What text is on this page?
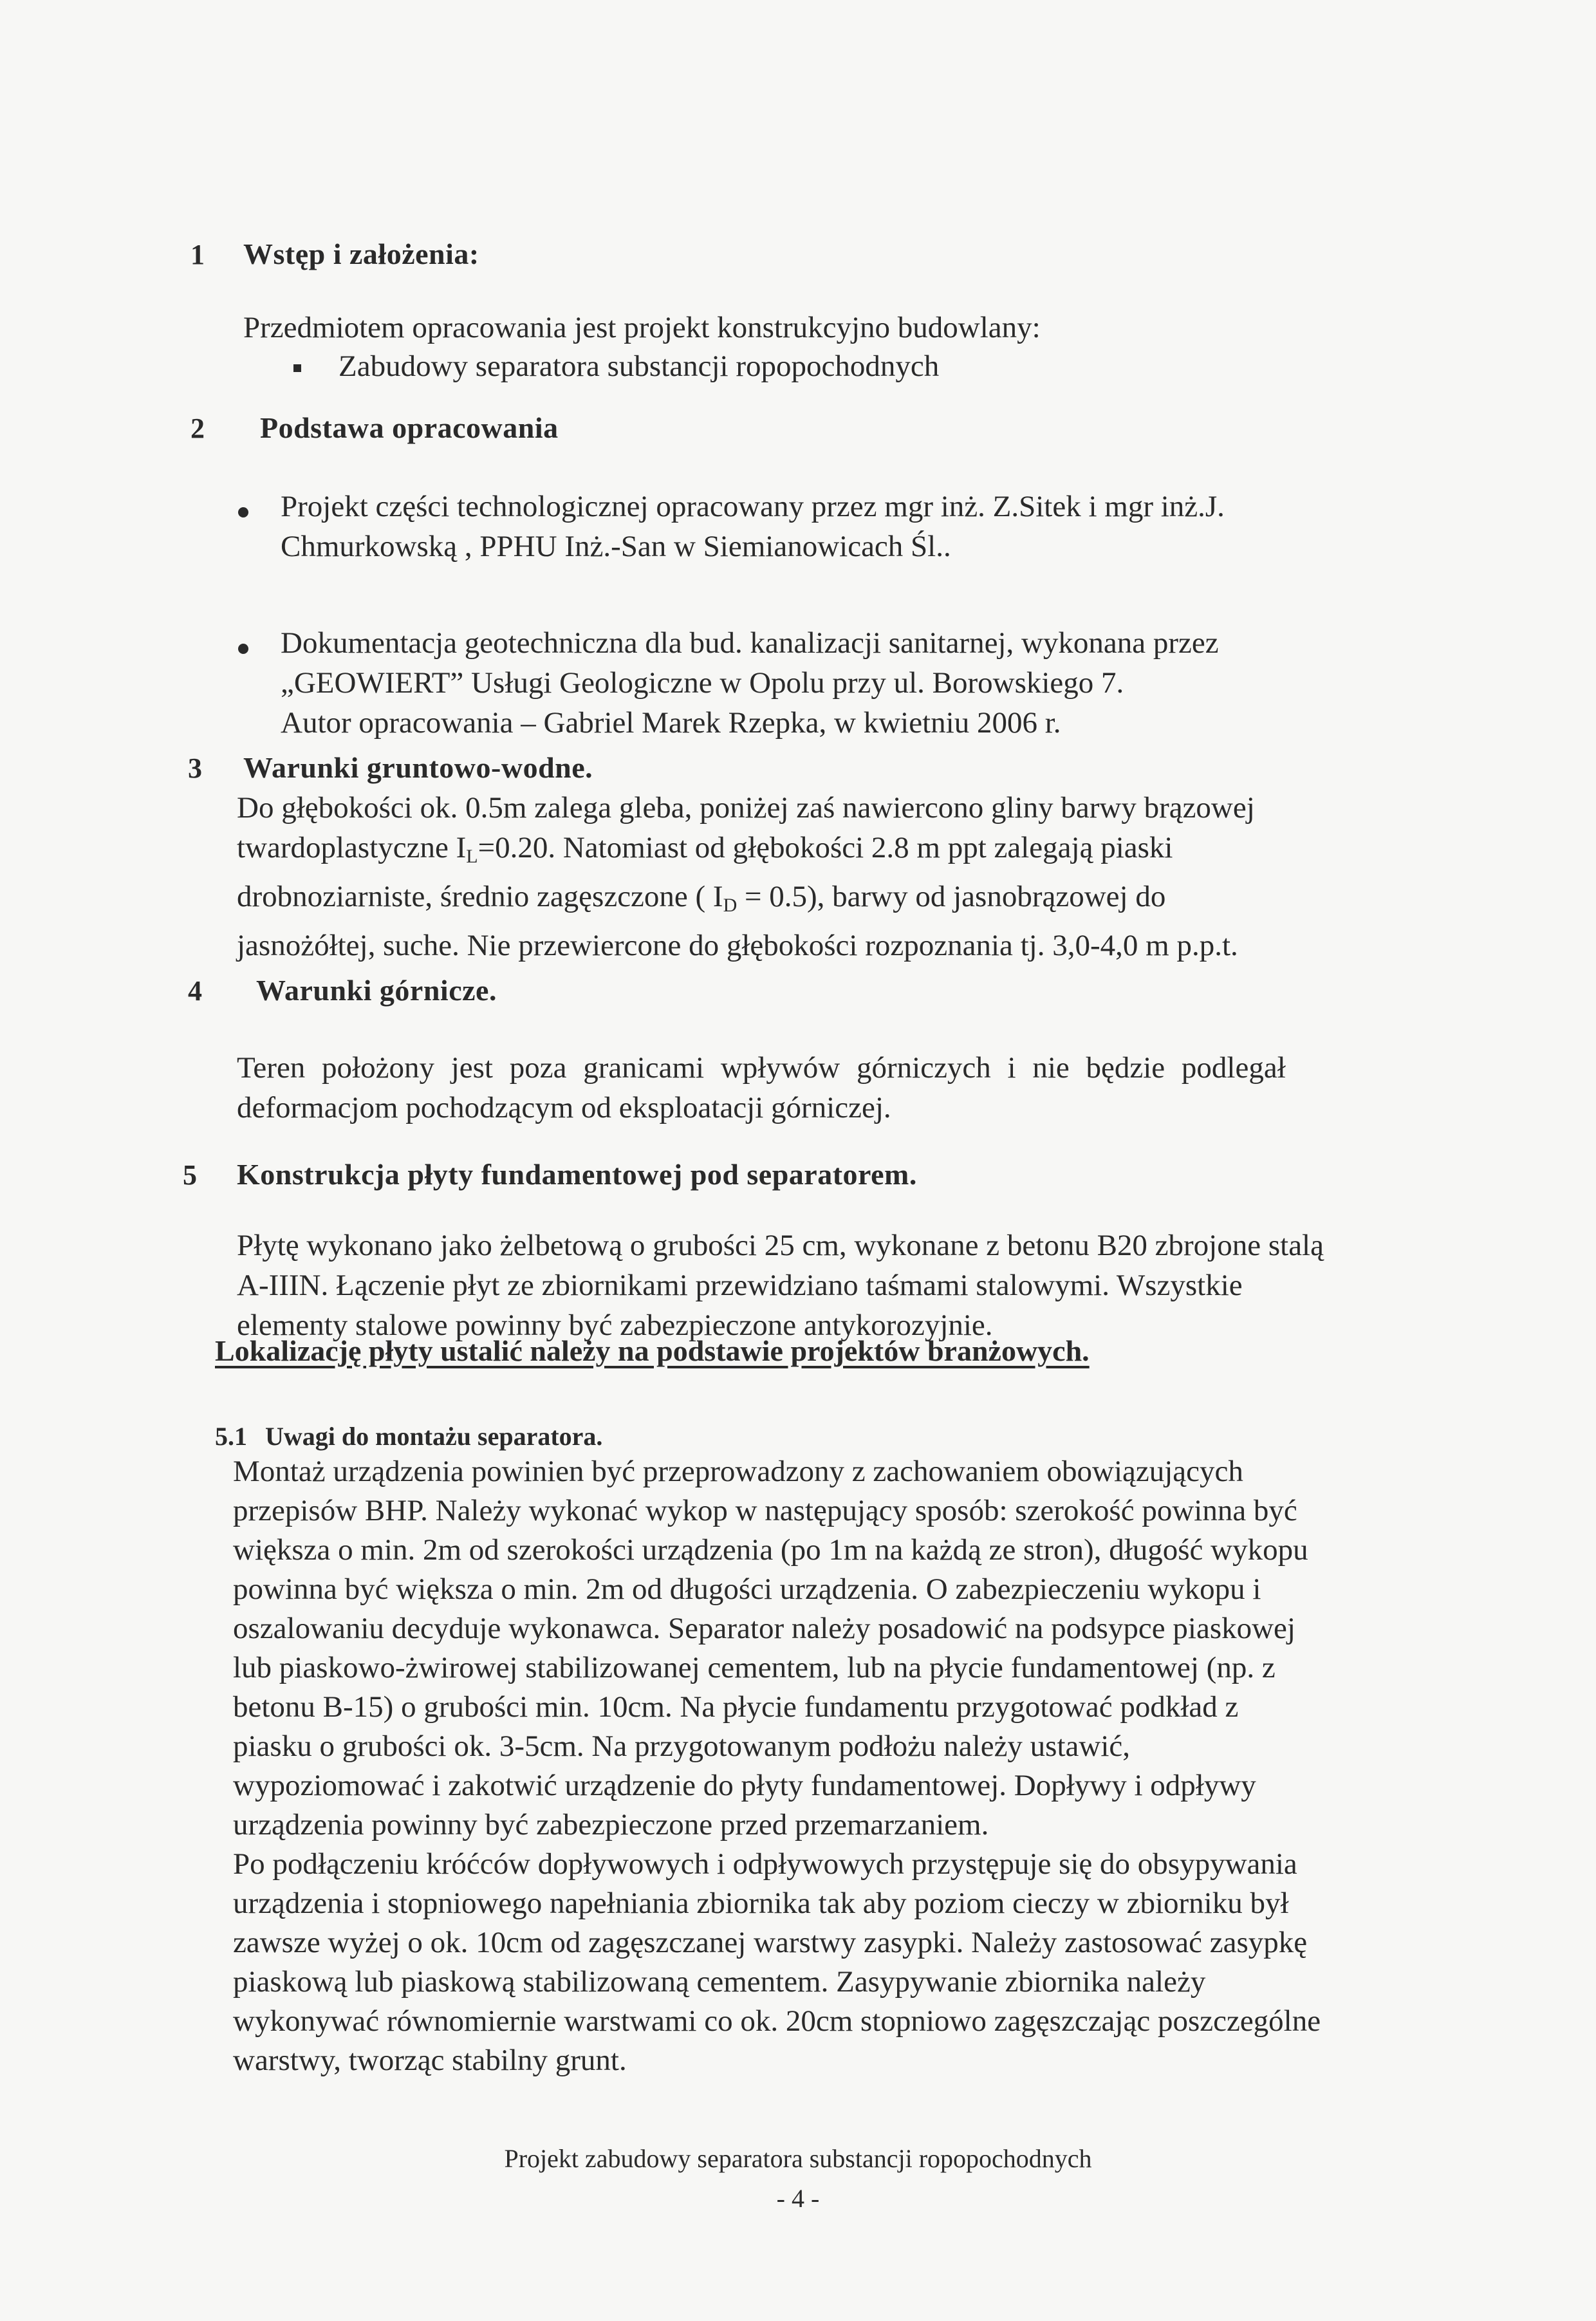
1 Wstęp i założenia:
Przedmiotem opracowania jest projekt konstrukcyjno budowlany:
Zabudowy separatora substancji ropopochodnych
2 Podstawa opracowania
Projekt części technologicznej opracowany przez mgr inż. Z.Sitek i mgr inż.J.
Chmurkowską , PPHU Inż.-San w Siemianowicach Śl..
Dokumentacja geotechniczna dla bud. kanalizacji sanitarnej, wykonana przez
„GEOWIERT” Usługi Geologiczne w Opolu przy ul. Borowskiego 7.
Autor opracowania – Gabriel Marek Rzepka, w kwietniu 2006 r.
3 Warunki gruntowo-wodne.
Do głębokości ok. 0.5m zalega gleba, poniżej zaś nawiercono gliny barwy brązowej
twardoplastyczne $I_L=0.20$. Natomiast od głębokości 2.8 m ppt zalegają piaski
drobnoziarniste, średnio zagęszczone ( $I_D = 0.5$), barwy od jasnobrązowej do
jasnożółtej, suche. Nie przewiercone do głębokości rozpoznania tj. 3,0-4,0 m p.p.t.
4 Warunki górnicze.
Teren położony jest poza granicami wpływów górniczych i nie będzie podlegał
deformacjom pochodzącym od eksploatacji górniczej.
5 Konstrukcja płyty fundamentowej pod separatorem.
Płytę wykonano jako żelbetową o grubości 25 cm, wykonane z betonu B20 zbrojone stalą
A-IIIN. Łączenie płyt ze zbiornikami przewidziano taśmami stalowymi. Wszystkie
elementy stalowe powinny być zabezpieczone antykorozyjnie.
Lokalizację płyty ustalić należy na podstawie projektów branżowych.
5.1 Uwagi do montażu separatora.
Montaż urządzenia powinien być przeprowadzony z zachowaniem obowiązujących
przepisów BHP. Należy wykonać wykop w następujący sposób: szerokość powinna być
większa o min. 2m od szerokości urządzenia (po 1m na każdą ze stron), długość wykopu
powinna być większa o min. 2m od długości urządzenia. O zabezpieczeniu wykopu i
oszalowaniu decyduje wykonawca. Separator należy posadowić na podsypce piaskowej
lub piaskowo-żwirowej stabilizowanej cementem, lub na płycie fundamentowej (np. z
betonu B-15) o grubości min. 10cm. Na płycie fundamentu przygotować podkład z
piasku o grubości ok. 3-5cm. Na przygotowanym podłożu należy ustawić,
wypoziomować i zakotwić urządzenie do płyty fundamentowej. Dopływy i odpływy
urządzenia powinny być zabezpieczone przed przemarzaniem.
Po podłączeniu króćców dopływowych i odpływowych przystępuje się do obsypywania
urządzenia i stopniowego napełniania zbiornika tak aby poziom cieczy w zbiorniku był
zawsze wyżej o ok. 10cm od zagęszczanej warstwy zasypki. Należy zastosować zasypkę
piaskową lub piaskową stabilizowaną cementem. Zasypywanie zbiornika należy
wykonywać równomiernie warstwami co ok. 20cm stopniowo zagęszczając poszczególne
warstwy, tworząc stabilny grunt.
Projekt zabudowy separatora substancji ropopochodnych
- 4 -
